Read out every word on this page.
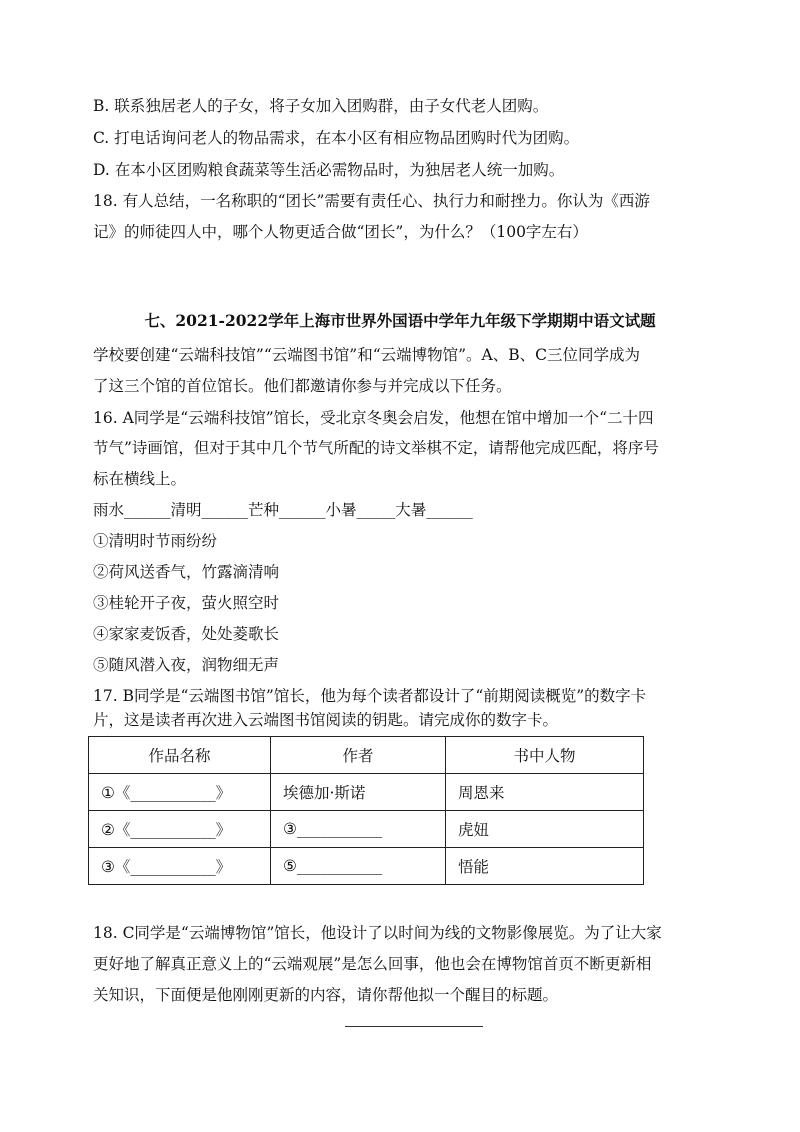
B. 联系独居老人的子女，将子女加入团购群，由子女代老人团购。
C. 打电话询问老人的物品需求，在本小区有相应物品团购时代为团购。
D. 在本小区团购粮食蔬菜等生活必需物品时，为独居老人统一加购。
18. 有人总结，一名称职的“团长”需要有责任心、执行力和耐挫力。你认为《西游
记》的师徒四人中，哪个人物更适合做“团长”，为什么？（100字左右）
七、2021-2022学年上海市世界外国语中学年九年级下学期期中语文试题
学校要创建“云端科技馆”“云端图书馆”和“云端博物馆”。A、B、C三位同学成为
了这三个馆的首位馆长。他们都邀请你参与并完成以下任务。
16. A同学是“云端科技馆”馆长，受北京冬奥会启发，他想在馆中增加一个“二十四
节气”诗画馆，但对于其中几个节气所配的诗文举棋不定，请帮他完成匹配，将序号
标在横线上。
雨水______清明______芒种______小暑_____大暑______
①清明时节雨纷纷
②荷风送香气，竹露滴清响
③桂轮开子夜，萤火照空时
④家家麦饭香，处处菱歌长
⑤随风潜入夜，润物细无声
17. B同学是“云端图书馆”馆长，他为每个读者都设计了“前期阅读概览”的数字卡
片，这是读者再次进入云端图书馆阅读的钥匙。请完成你的数字卡。
作品名称	作者	书中人物
①《___________》	埃德加·斯诺	周恩来
②《___________》	③___________	虎妞
③《___________》	⑤___________	悟能
18. C同学是“云端博物馆”馆长，他设计了以时间为线的文物影像展览。为了让大家
更好地了解真正意义上的“云端观展”是怎么回事，他也会在博物馆首页不断更新相
关知识，下面便是他刚刚更新的内容，请你帮他拟一个醒目的标题。
